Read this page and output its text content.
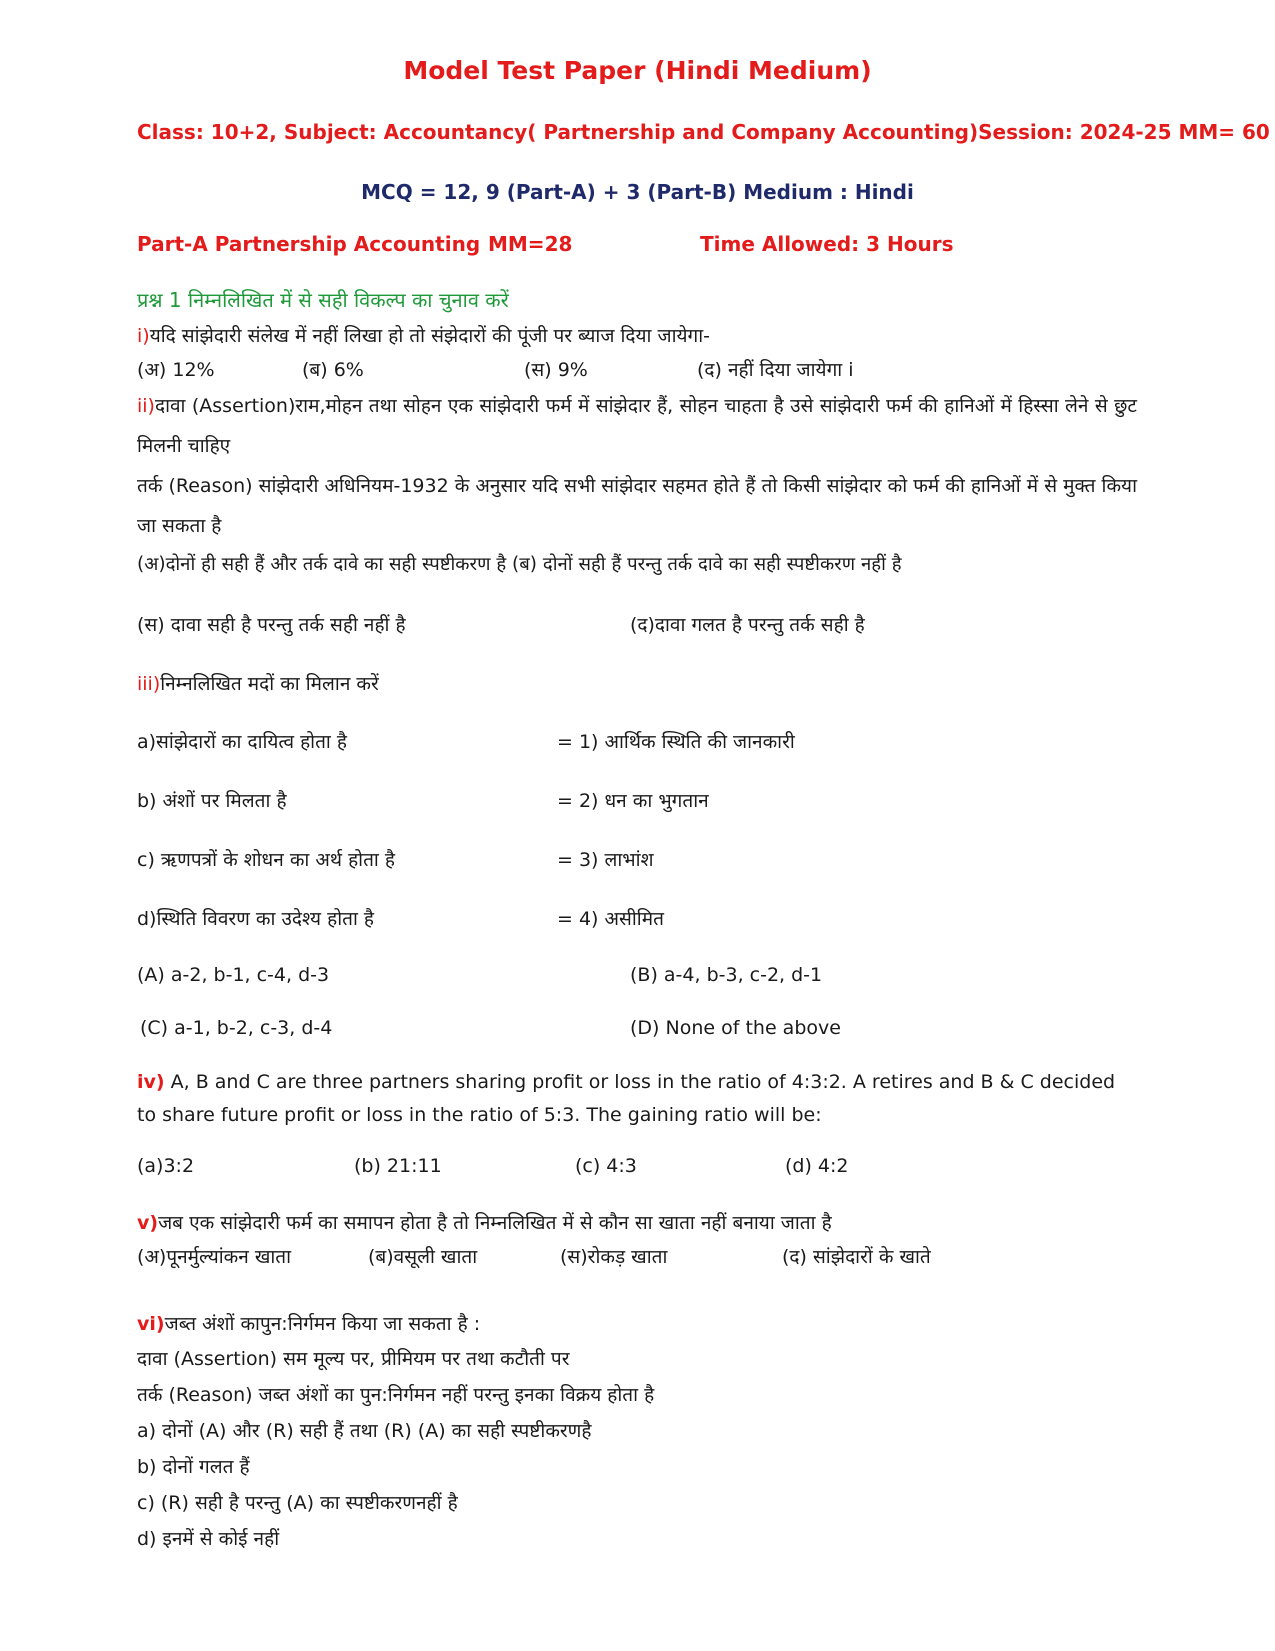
Model Test Paper (Hindi Medium)
Class: 10+2, Subject: Accountancy( Partnership and Company Accounting)Session: 2024-25 MM= 60
MCQ = 12, 9 (Part-A) + 3 (Part-B) Medium : Hindi
Part-A Partnership Accounting MM=28	Time Allowed: 3 Hours
प्रश्न 1 निम्नलिखित में से सही विकल्प का चुनाव करें
i)यदि सांझेदारी संलेख में नहीं लिखा हो तो संझेदारों की पूंजी पर ब्याज दिया जायेगा-
(अ) 12%	(ब) 6%	(स) 9%	(द) नहीं दिया जायेगा i
ii)दावा (Assertion)राम,मोहन तथा सोहन एक सांझेदारी फर्म में सांझेदार हैं, सोहन चाहता है उसे सांझेदारी फर्म की हानिओं में हिस्सा लेने से छुट मिलनी चाहिए
तर्क (Reason) सांझेदारी अधिनियम-1932 के अनुसार यदि सभी सांझेदार सहमत होते हैं तो किसी सांझेदार को फर्म की हानिओं में से मुक्त किया जा सकता है
(अ)दोनों ही सही हैं और तर्क दावे का सही स्पष्टीकरण है (ब) दोनों सही हैं परन्तु तर्क दावे का सही स्पष्टीकरण नहीं है
(स) दावा सही है परन्तु तर्क सही नहीं है	(द)दावा गलत है परन्तु तर्क सही है
iii)निम्नलिखित मदों का मिलान करें
a)सांझेदारों का दायित्व होता है	= 1) आर्थिक स्थिति की जानकारी
b) अंशों पर मिलता है	= 2) धन का भुगतान
c) ऋणपत्रों के शोधन का अर्थ होता है	= 3) लाभांश
d)स्थिति विवरण का उदेश्य होता है	= 4) असीमित
(A) a-2, b-1, c-4, d-3	(B) a-4, b-3, c-2, d-1
(C) a-1, b-2, c-3, d-4	(D) None of the above
iv) A, B and C are three partners sharing profit or loss in the ratio of 4:3:2. A retires and B & C decided to share future profit or loss in the ratio of 5:3. The gaining ratio will be:
(a)3:2	(b) 21:11	(c) 4:3	(d) 4:2
v)जब एक सांझेदारी फर्म का समापन होता है तो निम्नलिखित में से कौन सा खाता नहीं बनाया जाता है
(अ)पूनर्मुल्यांकन खाता	(ब)वसूली खाता	(स)रोकड़ खाता	(द) सांझेदारों के खाते
vi)जब्त अंशों कापुन:निर्गमन किया जा सकता है :
दावा (Assertion) सम मूल्य पर, प्रीमियम पर तथा कटौती पर
तर्क (Reason) जब्त अंशों का पुन:निर्गमन नहीं परन्तु इनका विक्रय होता है
a) दोनों (A) और (R) सही हैं तथा (R) (A) का सही स्पष्टीकरणहै
b) दोनों गलत हैं
c) (R) सही है परन्तु (A) का स्पष्टीकरणनहीं है
d) इनमें से कोई नहीं
